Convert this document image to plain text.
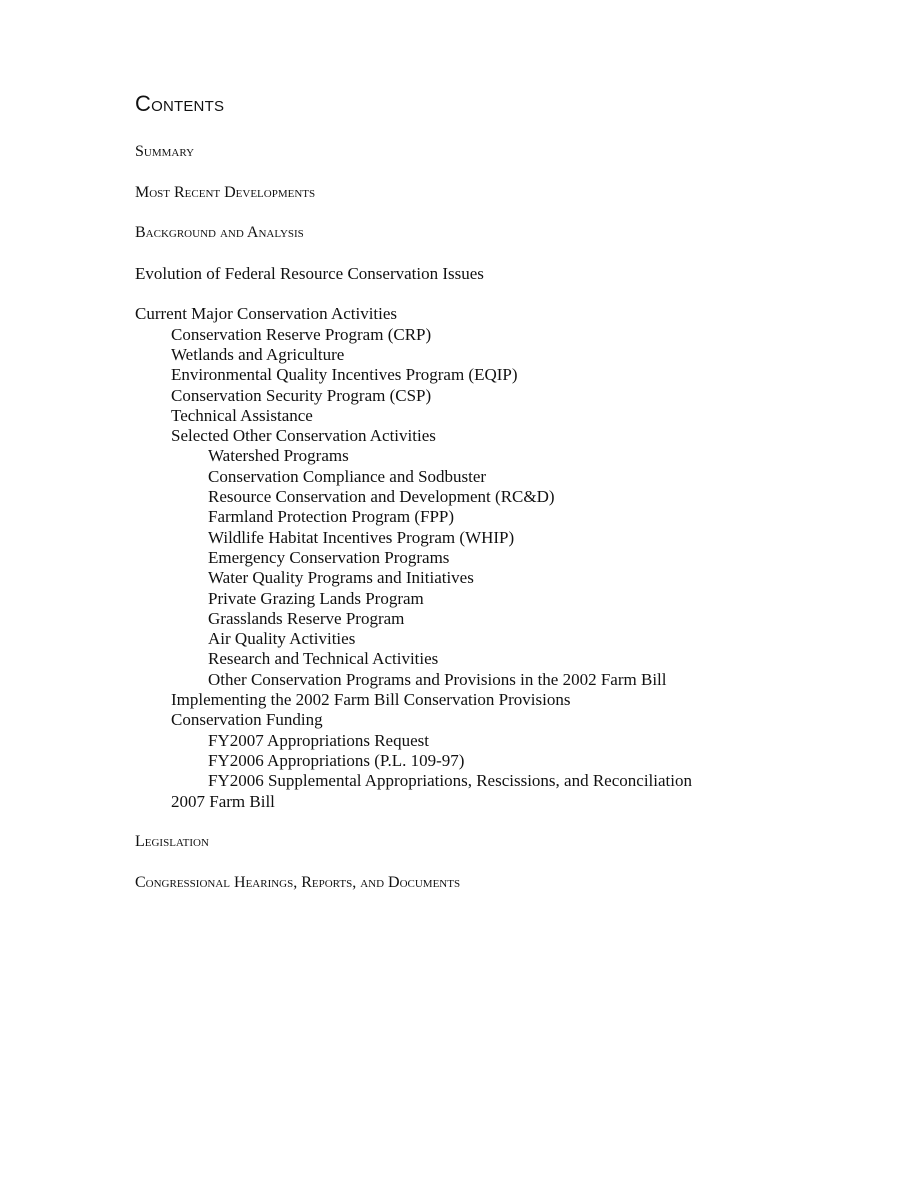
Contents
Summary
Most Recent Developments
Background and Analysis
Evolution of Federal Resource Conservation Issues
Current Major Conservation Activities
Conservation Reserve Program (CRP)
Wetlands and Agriculture
Environmental Quality Incentives Program (EQIP)
Conservation Security Program (CSP)
Technical Assistance
Selected Other Conservation Activities
Watershed Programs
Conservation Compliance and Sodbuster
Resource Conservation and Development (RC&D)
Farmland Protection Program (FPP)
Wildlife Habitat Incentives Program (WHIP)
Emergency Conservation Programs
Water Quality Programs and Initiatives
Private Grazing Lands Program
Grasslands Reserve Program
Air Quality Activities
Research and Technical Activities
Other Conservation Programs and Provisions in the 2002 Farm Bill
Implementing the 2002 Farm Bill Conservation Provisions
Conservation Funding
FY2007 Appropriations Request
FY2006 Appropriations (P.L. 109-97)
FY2006 Supplemental Appropriations, Rescissions, and Reconciliation
2007 Farm Bill
Legislation
Congressional Hearings, Reports, and Documents
